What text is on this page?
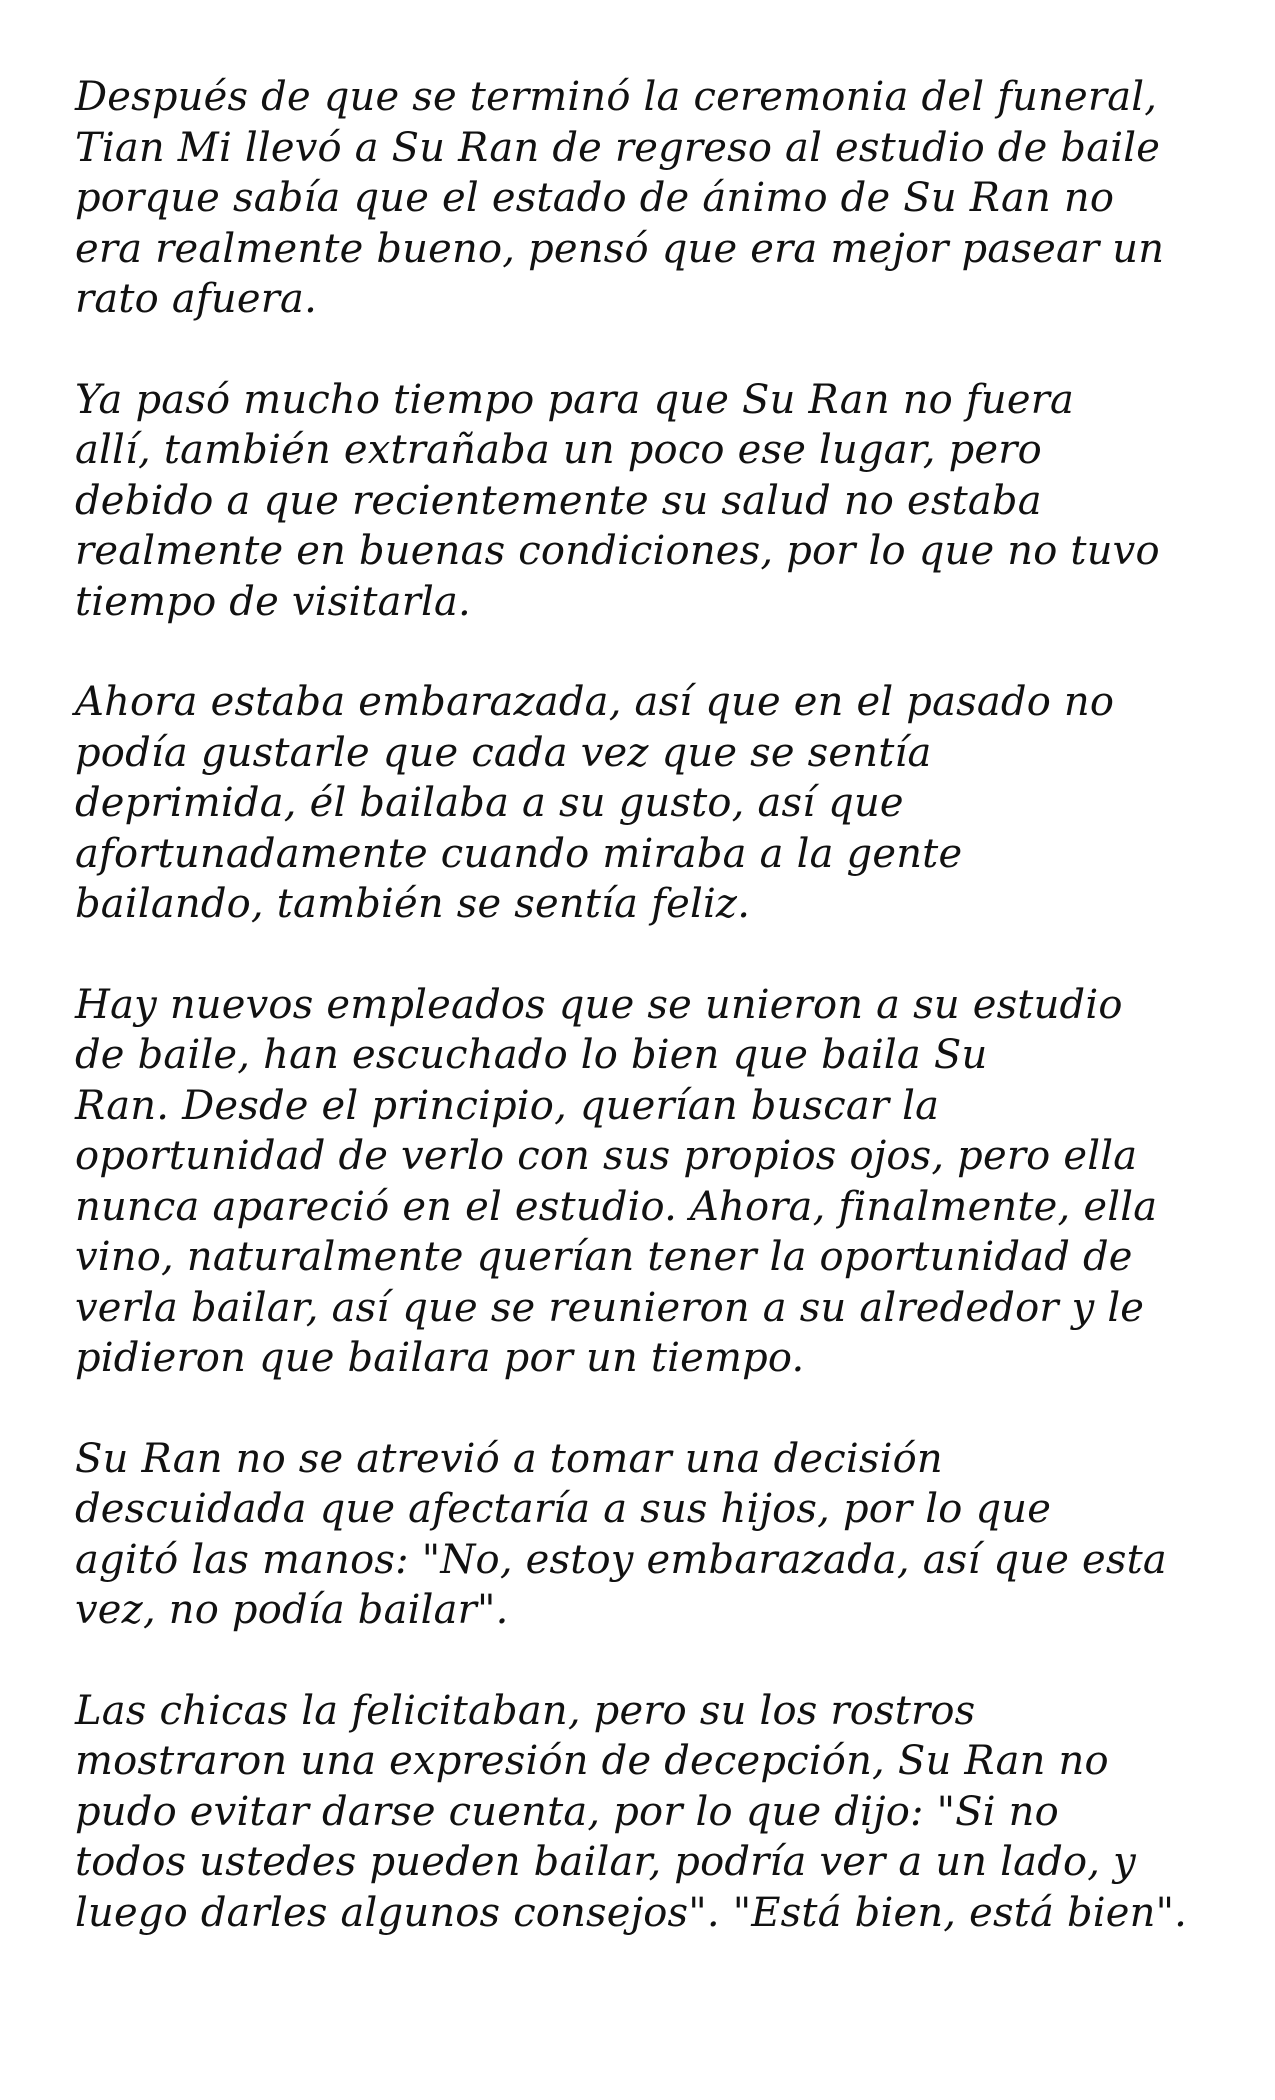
Después de que se terminó la ceremonia del funeral,
Tian Mi llevó a Su Ran de regreso al estudio de baile
porque sabía que el estado de ánimo de Su Ran no
era realmente bueno, pensó que era mejor pasear un
rato afuera.

Ya pasó mucho tiempo para que Su Ran no fuera
allí, también extrañaba un poco ese lugar, pero
debido a que recientemente su salud no estaba
realmente en buenas condiciones, por lo que no tuvo
tiempo de visitarla.

Ahora estaba embarazada, así que en el pasado no
podía gustarle que cada vez que se sentía
deprimida, él bailaba a su gusto, así que
afortunadamente cuando miraba a la gente
bailando, también se sentía feliz.

Hay nuevos empleados que se unieron a su estudio
de baile, han escuchado lo bien que baila Su
Ran. Desde el principio, querían buscar la
oportunidad de verlo con sus propios ojos, pero ella
nunca apareció en el estudio. Ahora, finalmente, ella
vino, naturalmente querían tener la oportunidad de
verla bailar, así que se reunieron a su alrededor y le
pidieron que bailara por un tiempo.

Su Ran no se atrevió a tomar una decisión
descuidada que afectaría a sus hijos, por lo que
agitó las manos: "No, estoy embarazada, así que esta
vez, no podía bailar".

Las chicas la felicitaban, pero su los rostros
mostraron una expresión de decepción, Su Ran no
pudo evitar darse cuenta, por lo que dijo: "Si no
todos ustedes pueden bailar, podría ver a un lado, y
luego darles algunos consejos". "Está bien, está bien".
